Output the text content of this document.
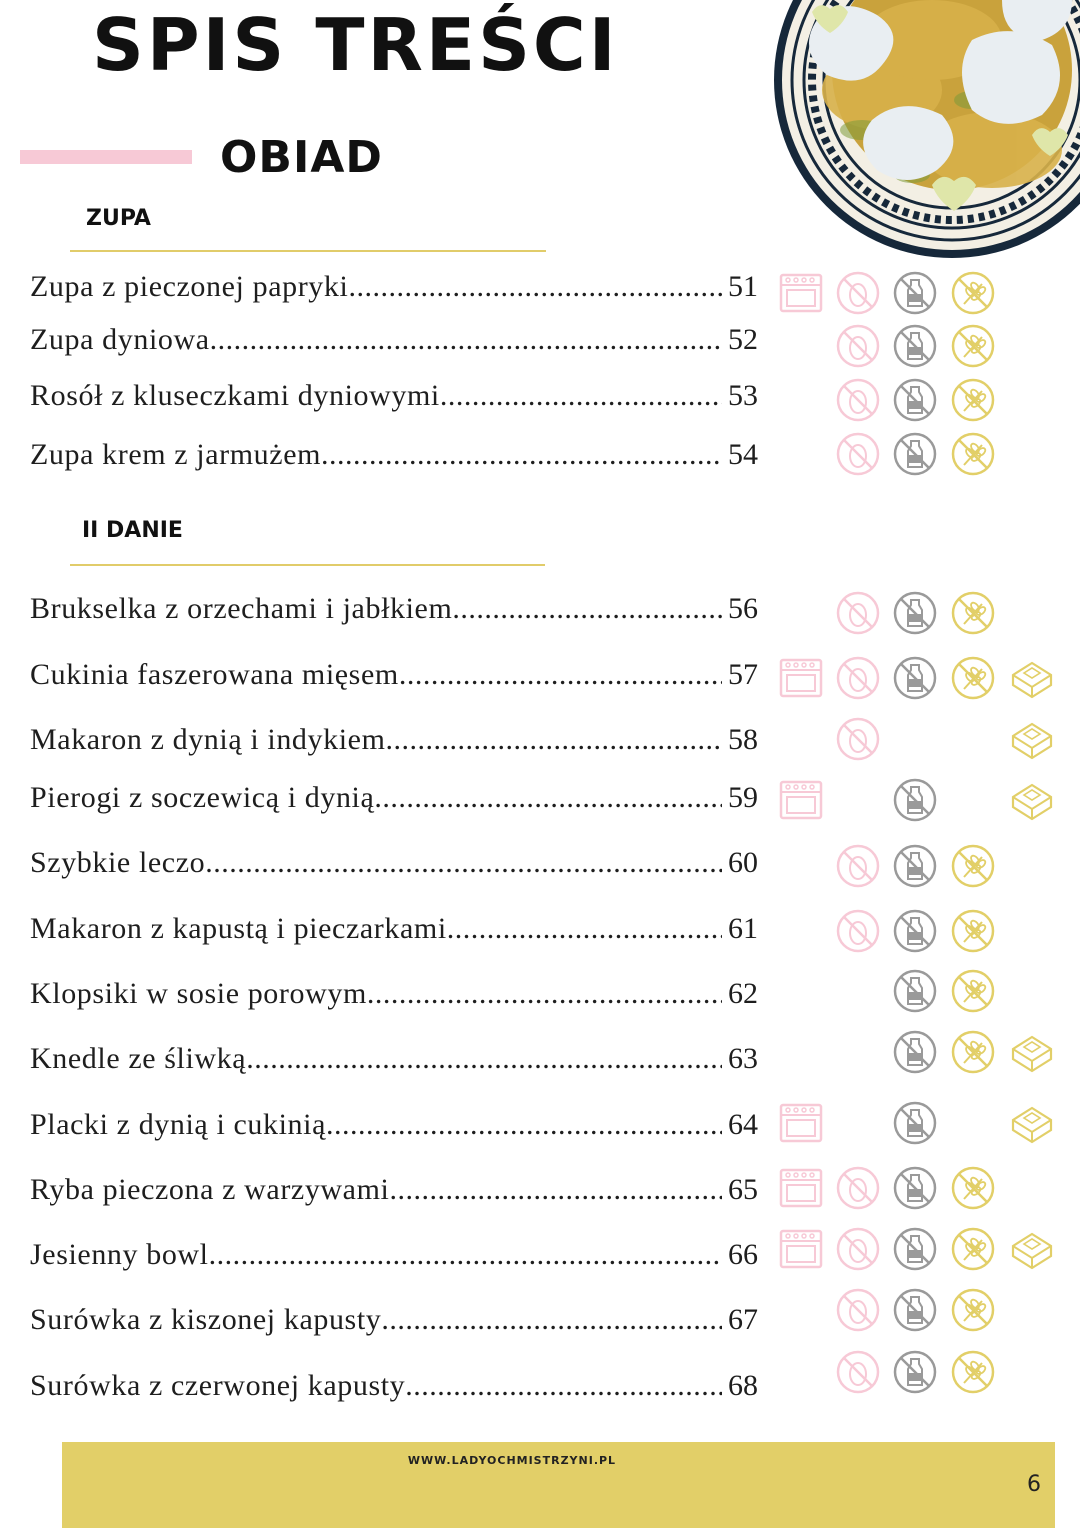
SPIS TREŚCI
OBIAD
ZUPA
II DANIE
Zupa z pieczonej papryki .....	51
Zupa dyniowa .....	52
Rosół z kluseczkami dyniowymi .....	53
Zupa krem z jarmużem .....	54
Brukselka z orzechami i jabłkiem .....	56
Cukinia faszerowana mięsem .....	57
Makaron z dynią i indykiem .....	58
Pierogi z soczewicą i dynią .....	59
Szybkie leczo .....	60
Makaron z kapustą i pieczarkami .....	61
Klopsiki w sosie porowym .....	62
Knedle ze śliwką .....	63
Placki z dynią i cukinią .....	64
Ryba pieczona z warzywami .....	65
Jesienny bowl .....	66
Surówka z kiszonej kapusty .....	67
Surówka z czerwonej kapusty .....	68
WWW.LADYOCHMISTRZYNI.PL
6
